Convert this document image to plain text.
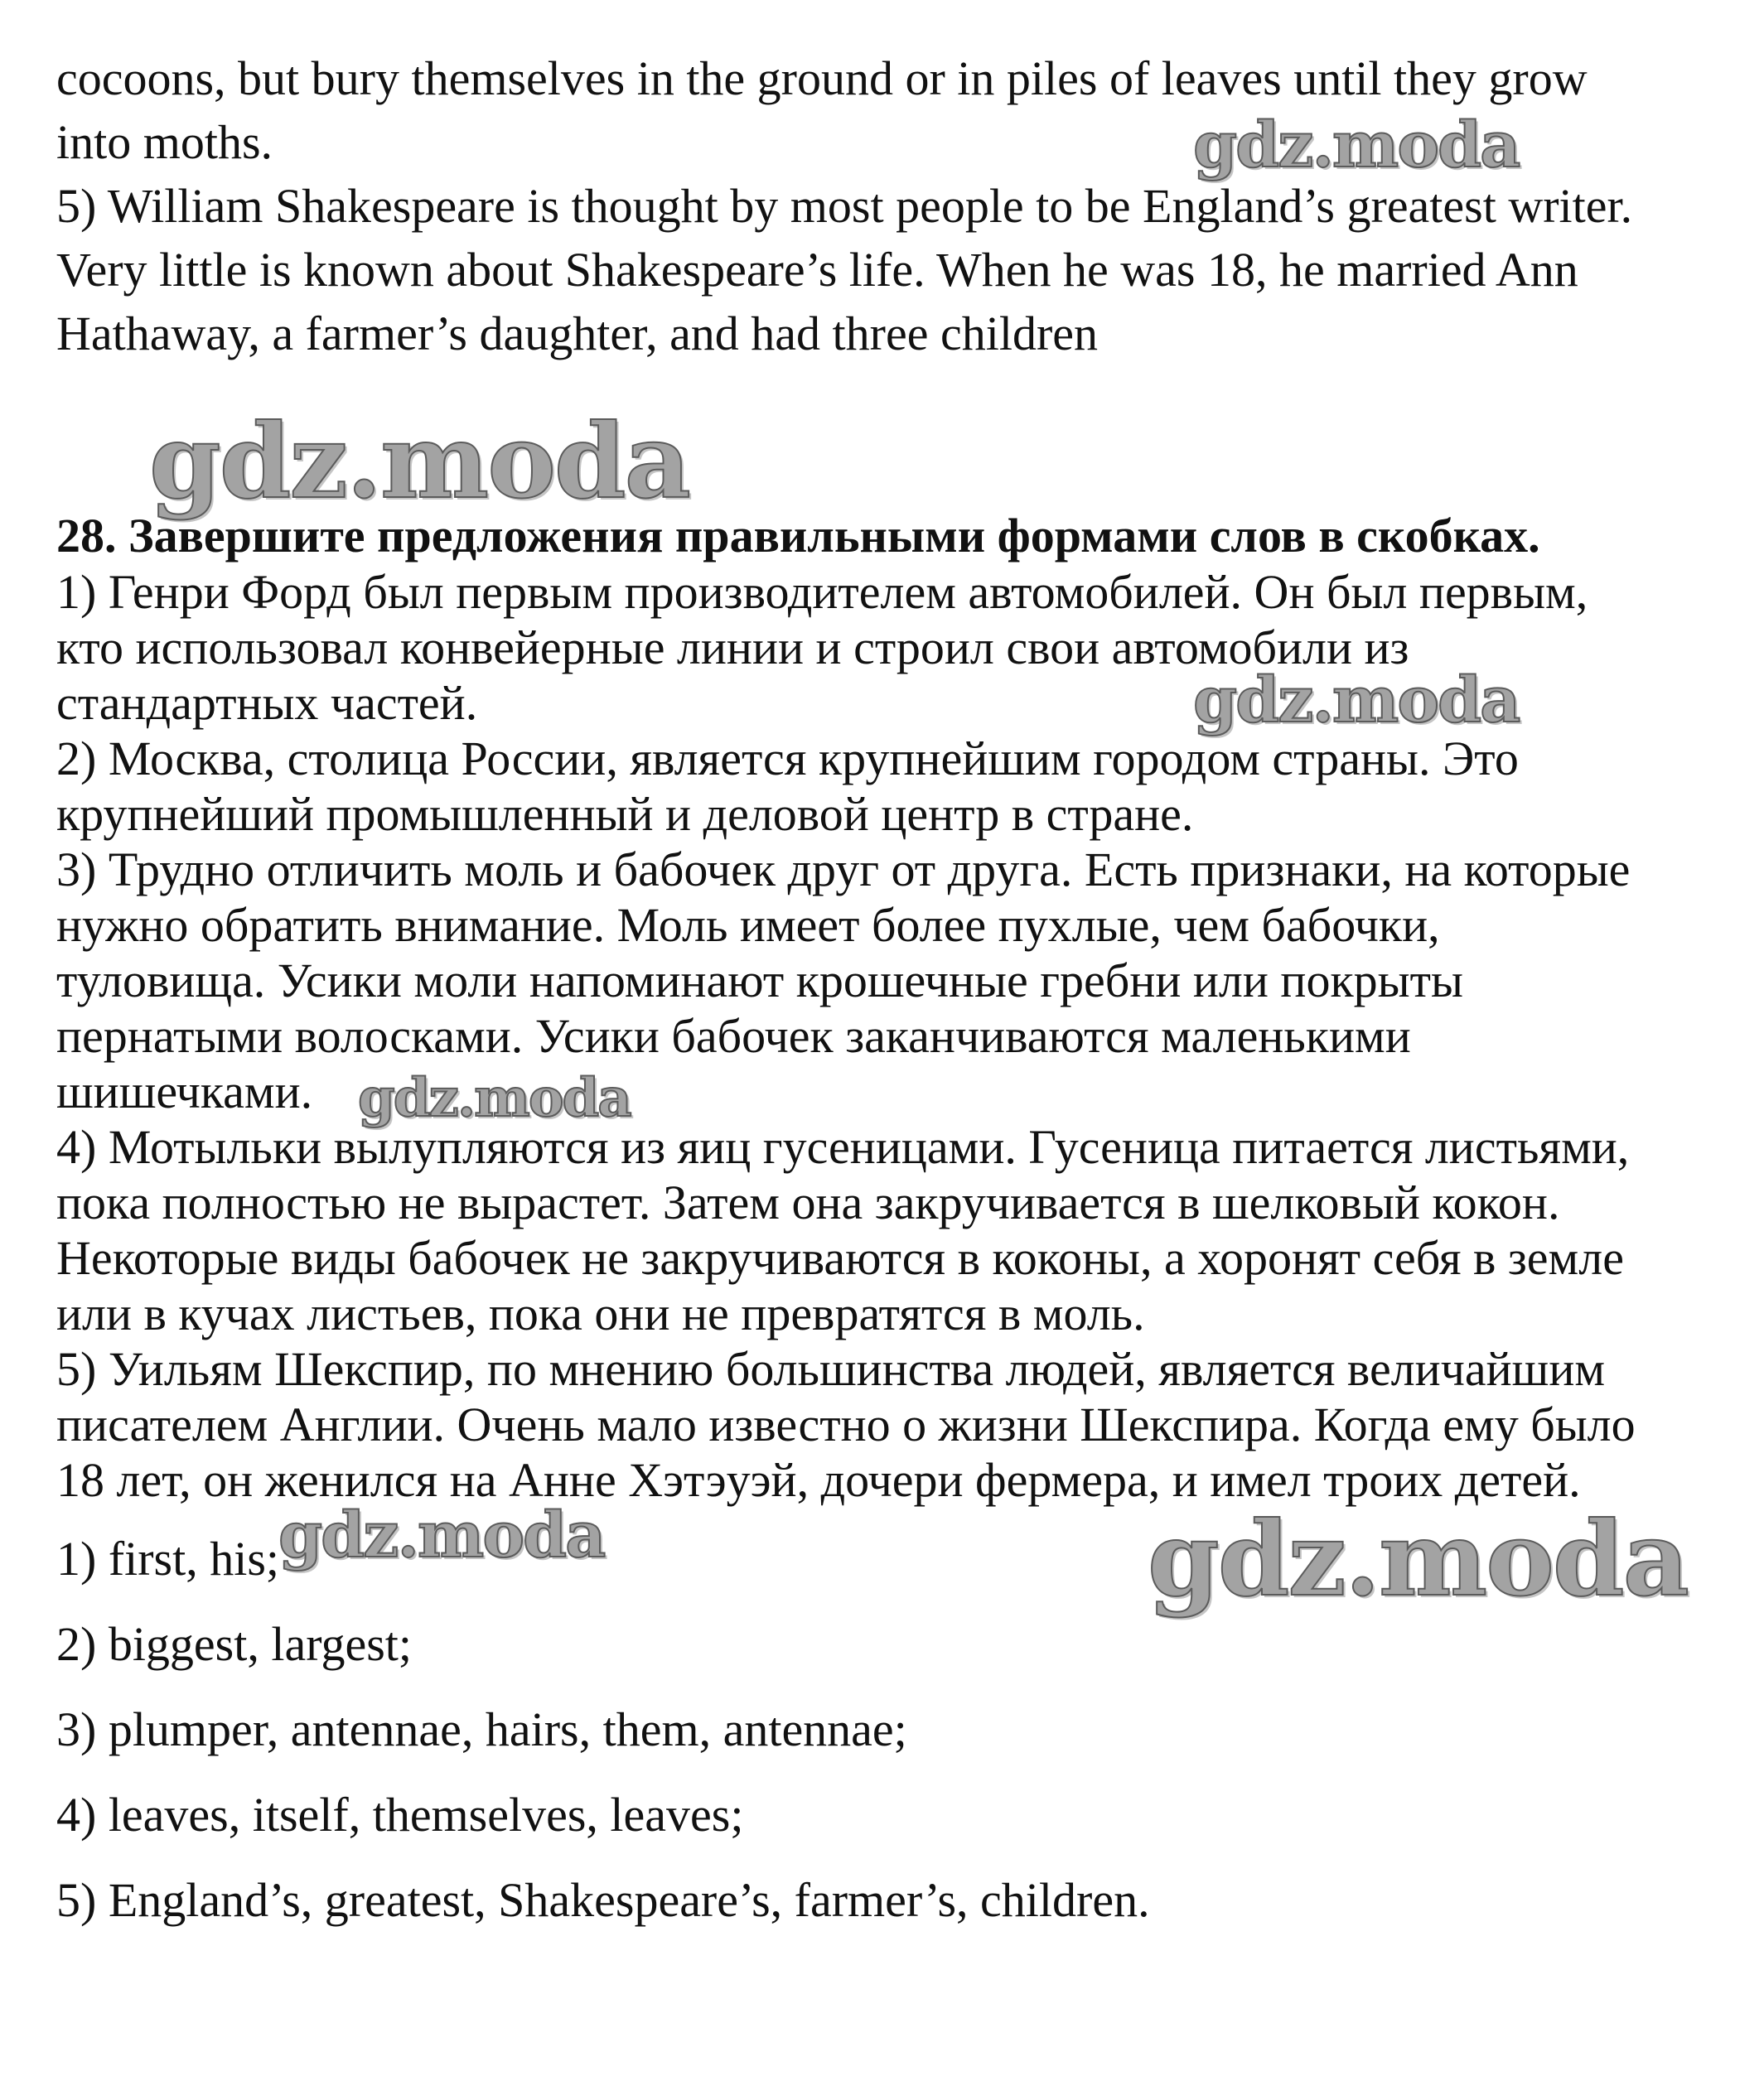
cocoons, but bury themselves in the ground or in piles of leaves until they grow
into moths.
5) William Shakespeare is thought by most people to be England’s greatest writer.
Very little is known about Shakespeare’s life. When he was 18, he married Ann
Hathaway, a farmer’s daughter, and had three children
28. Завершите предложения правильными формами слов в скобках.
1) Генри Форд был первым производителем автомобилей. Он был первым,
кто использовал конвейерные линии и строил свои автомобили из
стандартных частей.
2) Москва, столица России, является крупнейшим городом страны. Это
крупнейший промышленный и деловой центр в стране.
3) Трудно отличить моль и бабочек друг от друга. Есть признаки, на которые
нужно обратить внимание. Моль имеет более пухлые, чем бабочки,
туловища. Усики моли напоминают крошечные гребни или покрыты
пернатыми волосками. Усики бабочек заканчиваются маленькими
шишечками.
4) Мотыльки вылупляются из яиц гусеницами. Гусеница питается листьями,
пока полностью не вырастет. Затем она закручивается в шелковый кокон.
Некоторые виды бабочек не закручиваются в коконы, а хоронят себя в земле
или в кучах листьев, пока они не превратятся в моль.
5) Уильям Шекспир, по мнению большинства людей, является величайшим
писателем Англии. Очень мало известно о жизни Шекспира. Когда ему было
18 лет, он женился на Анне Хэтэуэй, дочери фермера, и имел троих детей.
1) first, his;
2) biggest, largest;
3) plumper, antennae, hairs, them, antennae;
4) leaves, itself, themselves, leaves;
5) England’s, greatest, Shakespeare’s, farmer’s, children.
gdz.moda
gdz.moda
gdz.moda
gdz.moda
gdz.moda	gdz.moda
